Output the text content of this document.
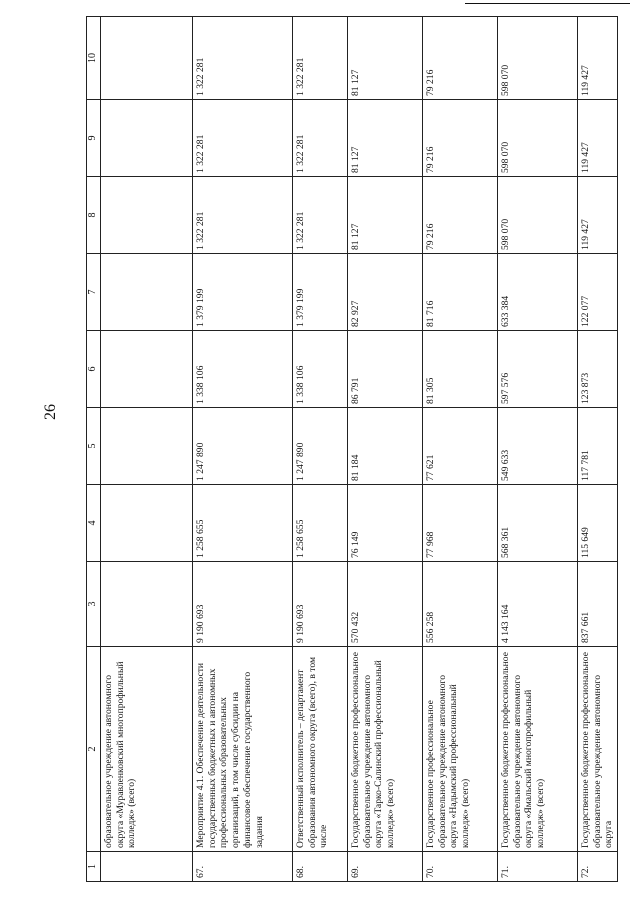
26
1	2	3	4	5	6	7	8	9	10
	образовательное учреждение автономного округа «Муравленковский многопрофильный колледж» (всего)								
67.	Мероприятие 4.1. Обеспечение деятельности государственных бюджетных и автономных профессиональных образовательных организаций, в том числе субсидии на финансовое обеспечение государственного задания	9 190 693	1 258 655	1 247 890	1 338 106	1 379 199	1 322 281	1 322 281	1 322 281
68.	Ответственный исполнитель – департамент образования автономного округа (всего), в том числе	9 190 693	1 258 655	1 247 890	1 338 106	1 379 199	1 322 281	1 322 281	1 322 281
69.	Государственное бюджетное профессиональное образовательное учреждение автономного округа «Тарко-Салинский профессиональный колледж» (всего)	570 432	76 149	81 184	86 791	82 927	81 127	81 127	81 127
70.	Государственное профессиональное образовательное учреждение автономного округа «Надымский профессиональный колледж» (всего)	556 258	77 968	77 621	81 305	81 716	79 216	79 216	79 216
71.	Государственное бюджетное профессиональное образовательное учреждение автономного округа «Ямальский многопрофильный колледж» (всего)	4 143 164	568 361	549 633	597 576	633 384	598 070	598 070	598 070
72.	Государственное бюджетное профессиональное образовательное учреждение автономного округа	837 661	115 649	117 781	123 873	122 077	119 427	119 427	119 427
